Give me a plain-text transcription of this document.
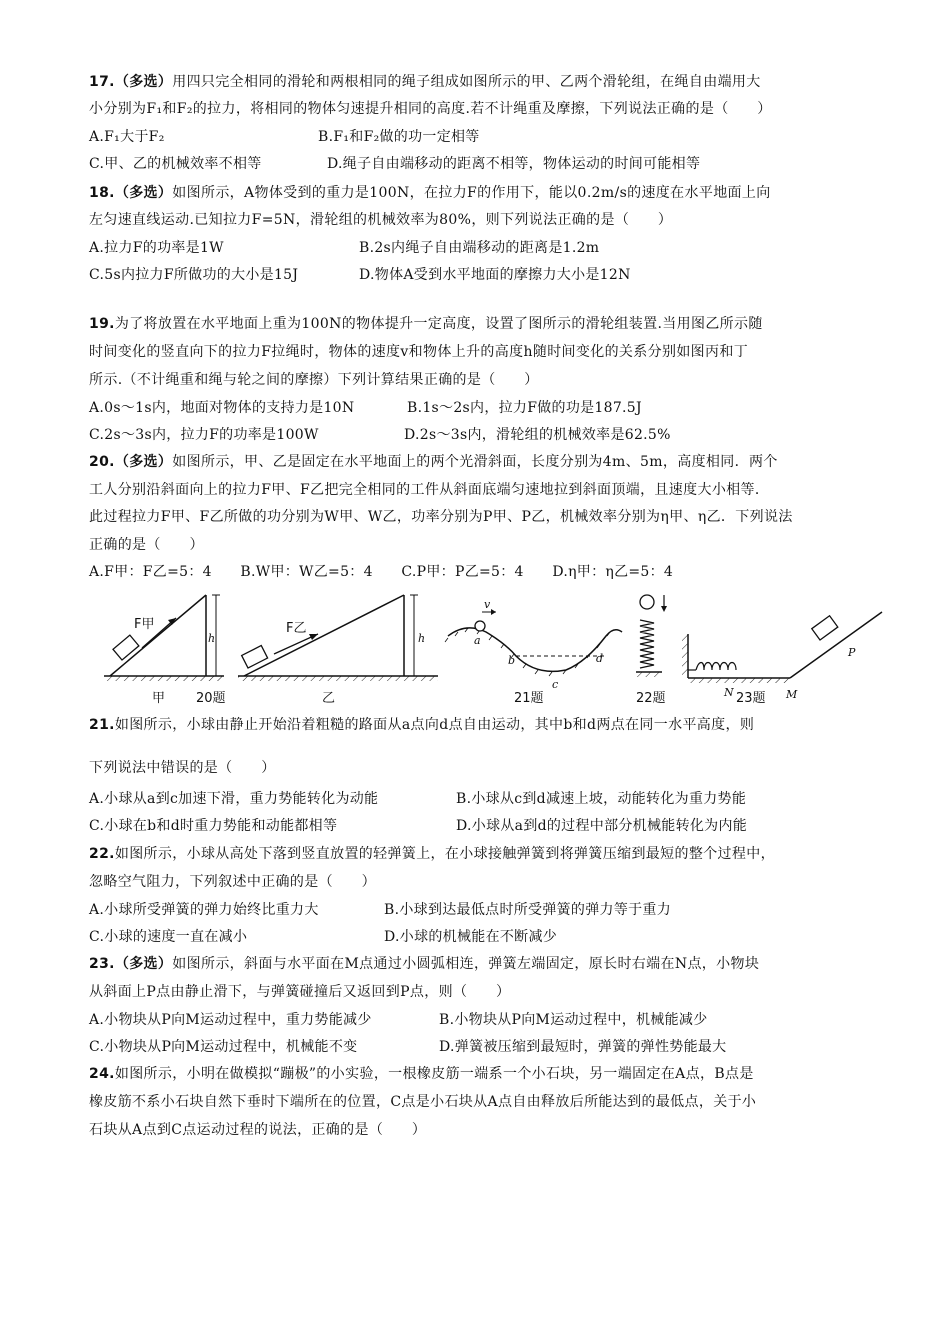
17.（多选）用四只完全相同的滑轮和两根相同的绳子组成如图所示的甲、乙两个滑轮组，在绳自由端用大
小分别为F₁和F₂的拉力，将相同的物体匀速提升相同的高度.若不计绳重及摩擦，下列说法正确的是（　　）
A.F₁大于F₂	B.F₁和F₂做的功一定相等
C.甲、乙的机械效率不相等	D.绳子自由端移动的距离不相等，物体运动的时间可能相等
18.（多选）如图所示，A物体受到的重力是100N，在拉力F的作用下，能以0.2m/s的速度在水平地面上向
左匀速直线运动.已知拉力F=5N，滑轮组的机械效率为80%，则下列说法正确的是（　　）
A.拉力F的功率是1W	B.2s内绳子自由端移动的距离是1.2m
C.5s内拉力F所做功的大小是15J	D.物体A受到水平地面的摩擦力大小是12N
19.为了将放置在水平地面上重为100N的物体提升一定高度，设置了图所示的滑轮组装置.当用图乙所示随
时间变化的竖直向下的拉力F拉绳时，物体的速度v和物体上升的高度h随时间变化的关系分别如图丙和丁
所示.（不计绳重和绳与轮之间的摩擦）下列计算结果正确的是（　　）
A.0s～1s内，地面对物体的支持力是10N	B.1s～2s内，拉力F做的功是187.5J
C.2s～3s内，拉力F的功率是100W	D.2s～3s内，滑轮组的机械效率是62.5%
20.（多选）如图所示，甲、乙是固定在水平地面上的两个光滑斜面，长度分别为4m、5m，高度相同．两个
工人分别沿斜面向上的拉力F甲、F乙把完全相同的工件从斜面底端匀速地拉到斜面顶端，且速度大小相等．
此过程拉力F甲、F乙所做的功分别为W甲、W乙，功率分别为P甲、P乙，机械效率分别为η甲、η乙．下列说法
正确的是（　　）
A.F甲：F乙=5：4　　B.W甲：W乙=5：4　　C.P甲：P乙=5：4　　D.η甲：η乙=5：4
F甲
h
甲 20题
F乙
h
乙
v
a
b
c
d
21题	22题	N 23题 M
P
21.如图所示，小球由静止开始沿着粗糙的路面从a点向d点自由运动，其中b和d两点在同一水平高度，则
下列说法中错误的是（　　）
A.小球从a到c加速下滑，重力势能转化为动能	B.小球从c到d减速上坡，动能转化为重力势能
C.小球在b和d时重力势能和动能都相等	D.小球从a到d的过程中部分机械能转化为内能
22.如图所示，小球从高处下落到竖直放置的轻弹簧上，在小球接触弹簧到将弹簧压缩到最短的整个过程中，
忽略空气阻力，下列叙述中正确的是（　　）
A.小球所受弹簧的弹力始终比重力大	B.小球到达最低点时所受弹簧的弹力等于重力
C.小球的速度一直在减小	D.小球的机械能在不断减少
23.（多选）如图所示，斜面与水平面在M点通过小圆弧相连，弹簧左端固定，原长时右端在N点，小物块
从斜面上P点由静止滑下，与弹簧碰撞后又返回到P点，则（　　）
A.小物块从P向M运动过程中，重力势能减少	B.小物块从P向M运动过程中，机械能减少
C.小物块从P向M运动过程中，机械能不变	D.弹簧被压缩到最短时，弹簧的弹性势能最大
24.如图所示，小明在做模拟“蹦极”的小实验，一根橡皮筋一端系一个小石块，另一端固定在A点，B点是
橡皮筋不系小石块自然下垂时下端所在的位置，C点是小石块从A点自由释放后所能达到的最低点，关于小
石块从A点到C点运动过程的说法，正确的是（　　）
